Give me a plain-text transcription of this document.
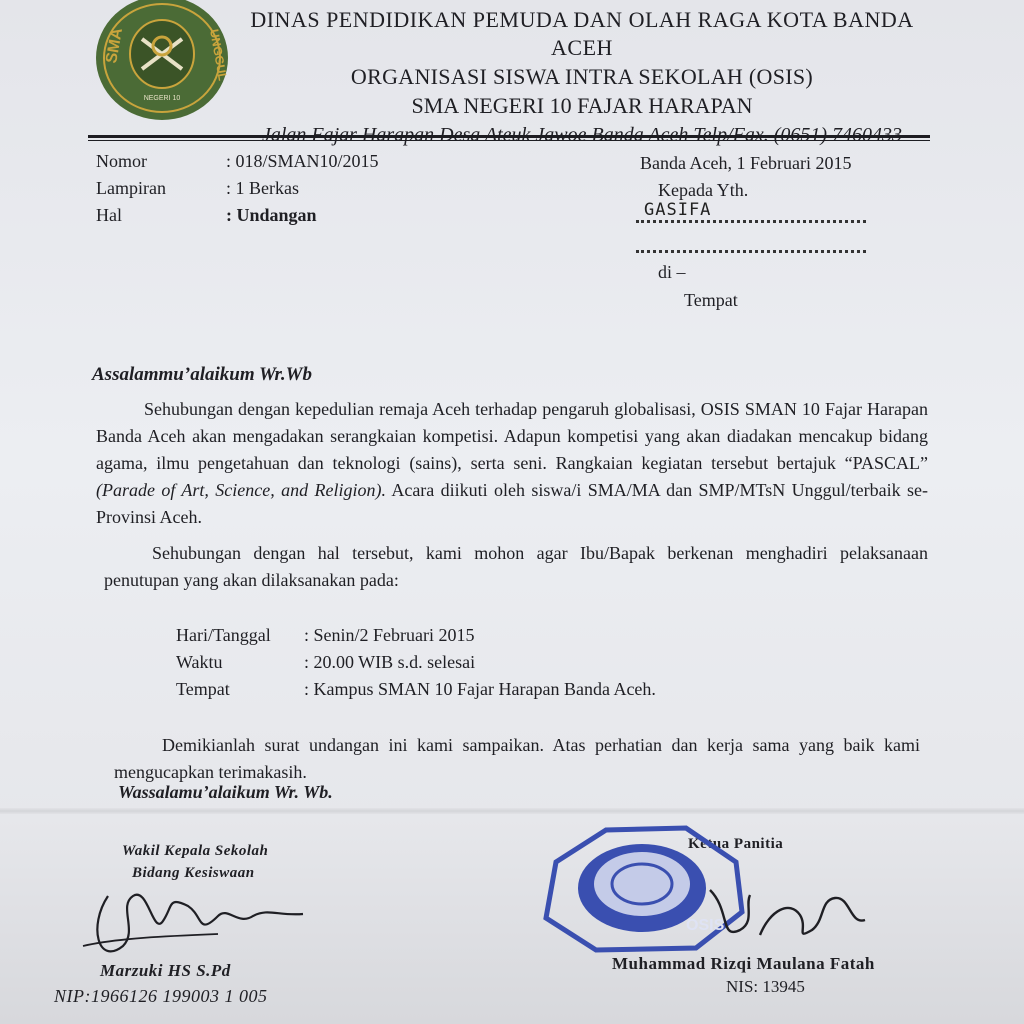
SMA	UNGGUL
NEGERI 10
DINAS PENDIDIKAN PEMUDA DAN OLAH RAGA KOTA BANDA ACEH
ORGANISASI SISWA INTRA SEKOLAH (OSIS)
SMA NEGERI 10 FAJAR HARAPAN
Nomor	: 018/SMAN10/2015
Lampiran	: 1 Berkas
Hal	: Undangan
Banda Aceh, 1 Februari 2015
Kepada Yth.
GASIFA
di –
Tempat
Assalammu’alaikum Wr.Wb
Sehubungan dengan kepedulian remaja Aceh terhadap pengaruh globalisasi, OSIS SMAN 10 Fajar Harapan Banda Aceh akan mengadakan serangkaian kompetisi. Adapun kompetisi yang akan diadakan mencakup bidang agama, ilmu pengetahuan dan teknologi (sains), serta seni. Rangkaian kegiatan tersebut bertajuk “PASCAL” (Parade of Art, Science, and Religion). Acara diikuti oleh siswa/i SMA/MA dan SMP/MTsN Unggul/terbaik se-Provinsi Aceh.
Sehubungan dengan hal tersebut, kami mohon agar Ibu/Bapak berkenan menghadiri pelaksanaan penutupan yang akan dilaksanakan pada:
Hari/Tanggal	: Senin/2 Februari 2015
Waktu	: 20.00 WIB s.d. selesai
Tempat	: Kampus SMAN 10 Fajar Harapan Banda Aceh.
Demikianlah surat undangan ini kami sampaikan. Atas perhatian dan kerja sama yang baik kami mengucapkan terimakasih.
Wassalamu’alaikum Wr. Wb.
Wakil Kepala Sekolah
Bidang Kesiswaan
Marzuki HS S.Pd
NIP:1966126 199003 1 005
Ketua Panitia
OSIS
Muhammad Rizqi Maulana Fatah
NIS: 13945
